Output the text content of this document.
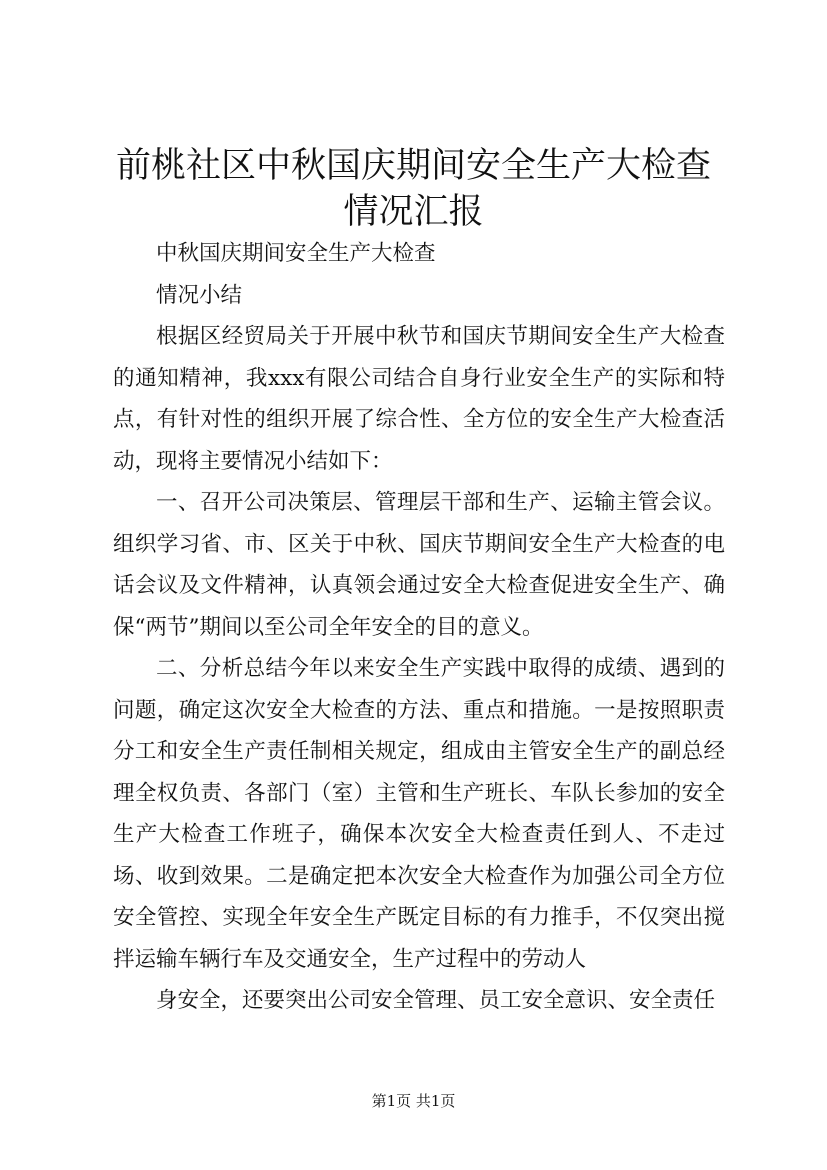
前桃社区中秋国庆期间安全生产大检查情况汇报

中秋国庆期间安全生产大检查

情况小结

根据区经贸局关于开展中秋节和国庆节期间安全生产大检查的通知精神，我xxx有限公司结合自身行业安全生产的实际和特点，有针对性的组织开展了综合性、全方位的安全生产大检查活动，现将主要情况小结如下：

一、召开公司决策层、管理层干部和生产、运输主管会议。组织学习省、市、区关于中秋、国庆节期间安全生产大检查的电话会议及文件精神，认真领会通过安全大检查促进安全生产、确保“两节”期间以至公司全年安全的目的意义。

二、分析总结今年以来安全生产实践中取得的成绩、遇到的问题，确定这次安全大检查的方法、重点和措施。一是按照职责分工和安全生产责任制相关规定，组成由主管安全生产的副总经理全权负责、各部门（室）主管和生产班长、车队长参加的安全生产大检查工作班子，确保本次安全大检查责任到人、不走过场、收到效果。二是确定把本次安全大检查作为加强公司全方位安全管控、实现全年安全生产既定目标的有力推手，不仅突出搅拌运输车辆行车及交通安全，生产过程中的劳动人

身安全，还要突出公司安全管理、员工安全意识、安全责任

第1页 共1页
